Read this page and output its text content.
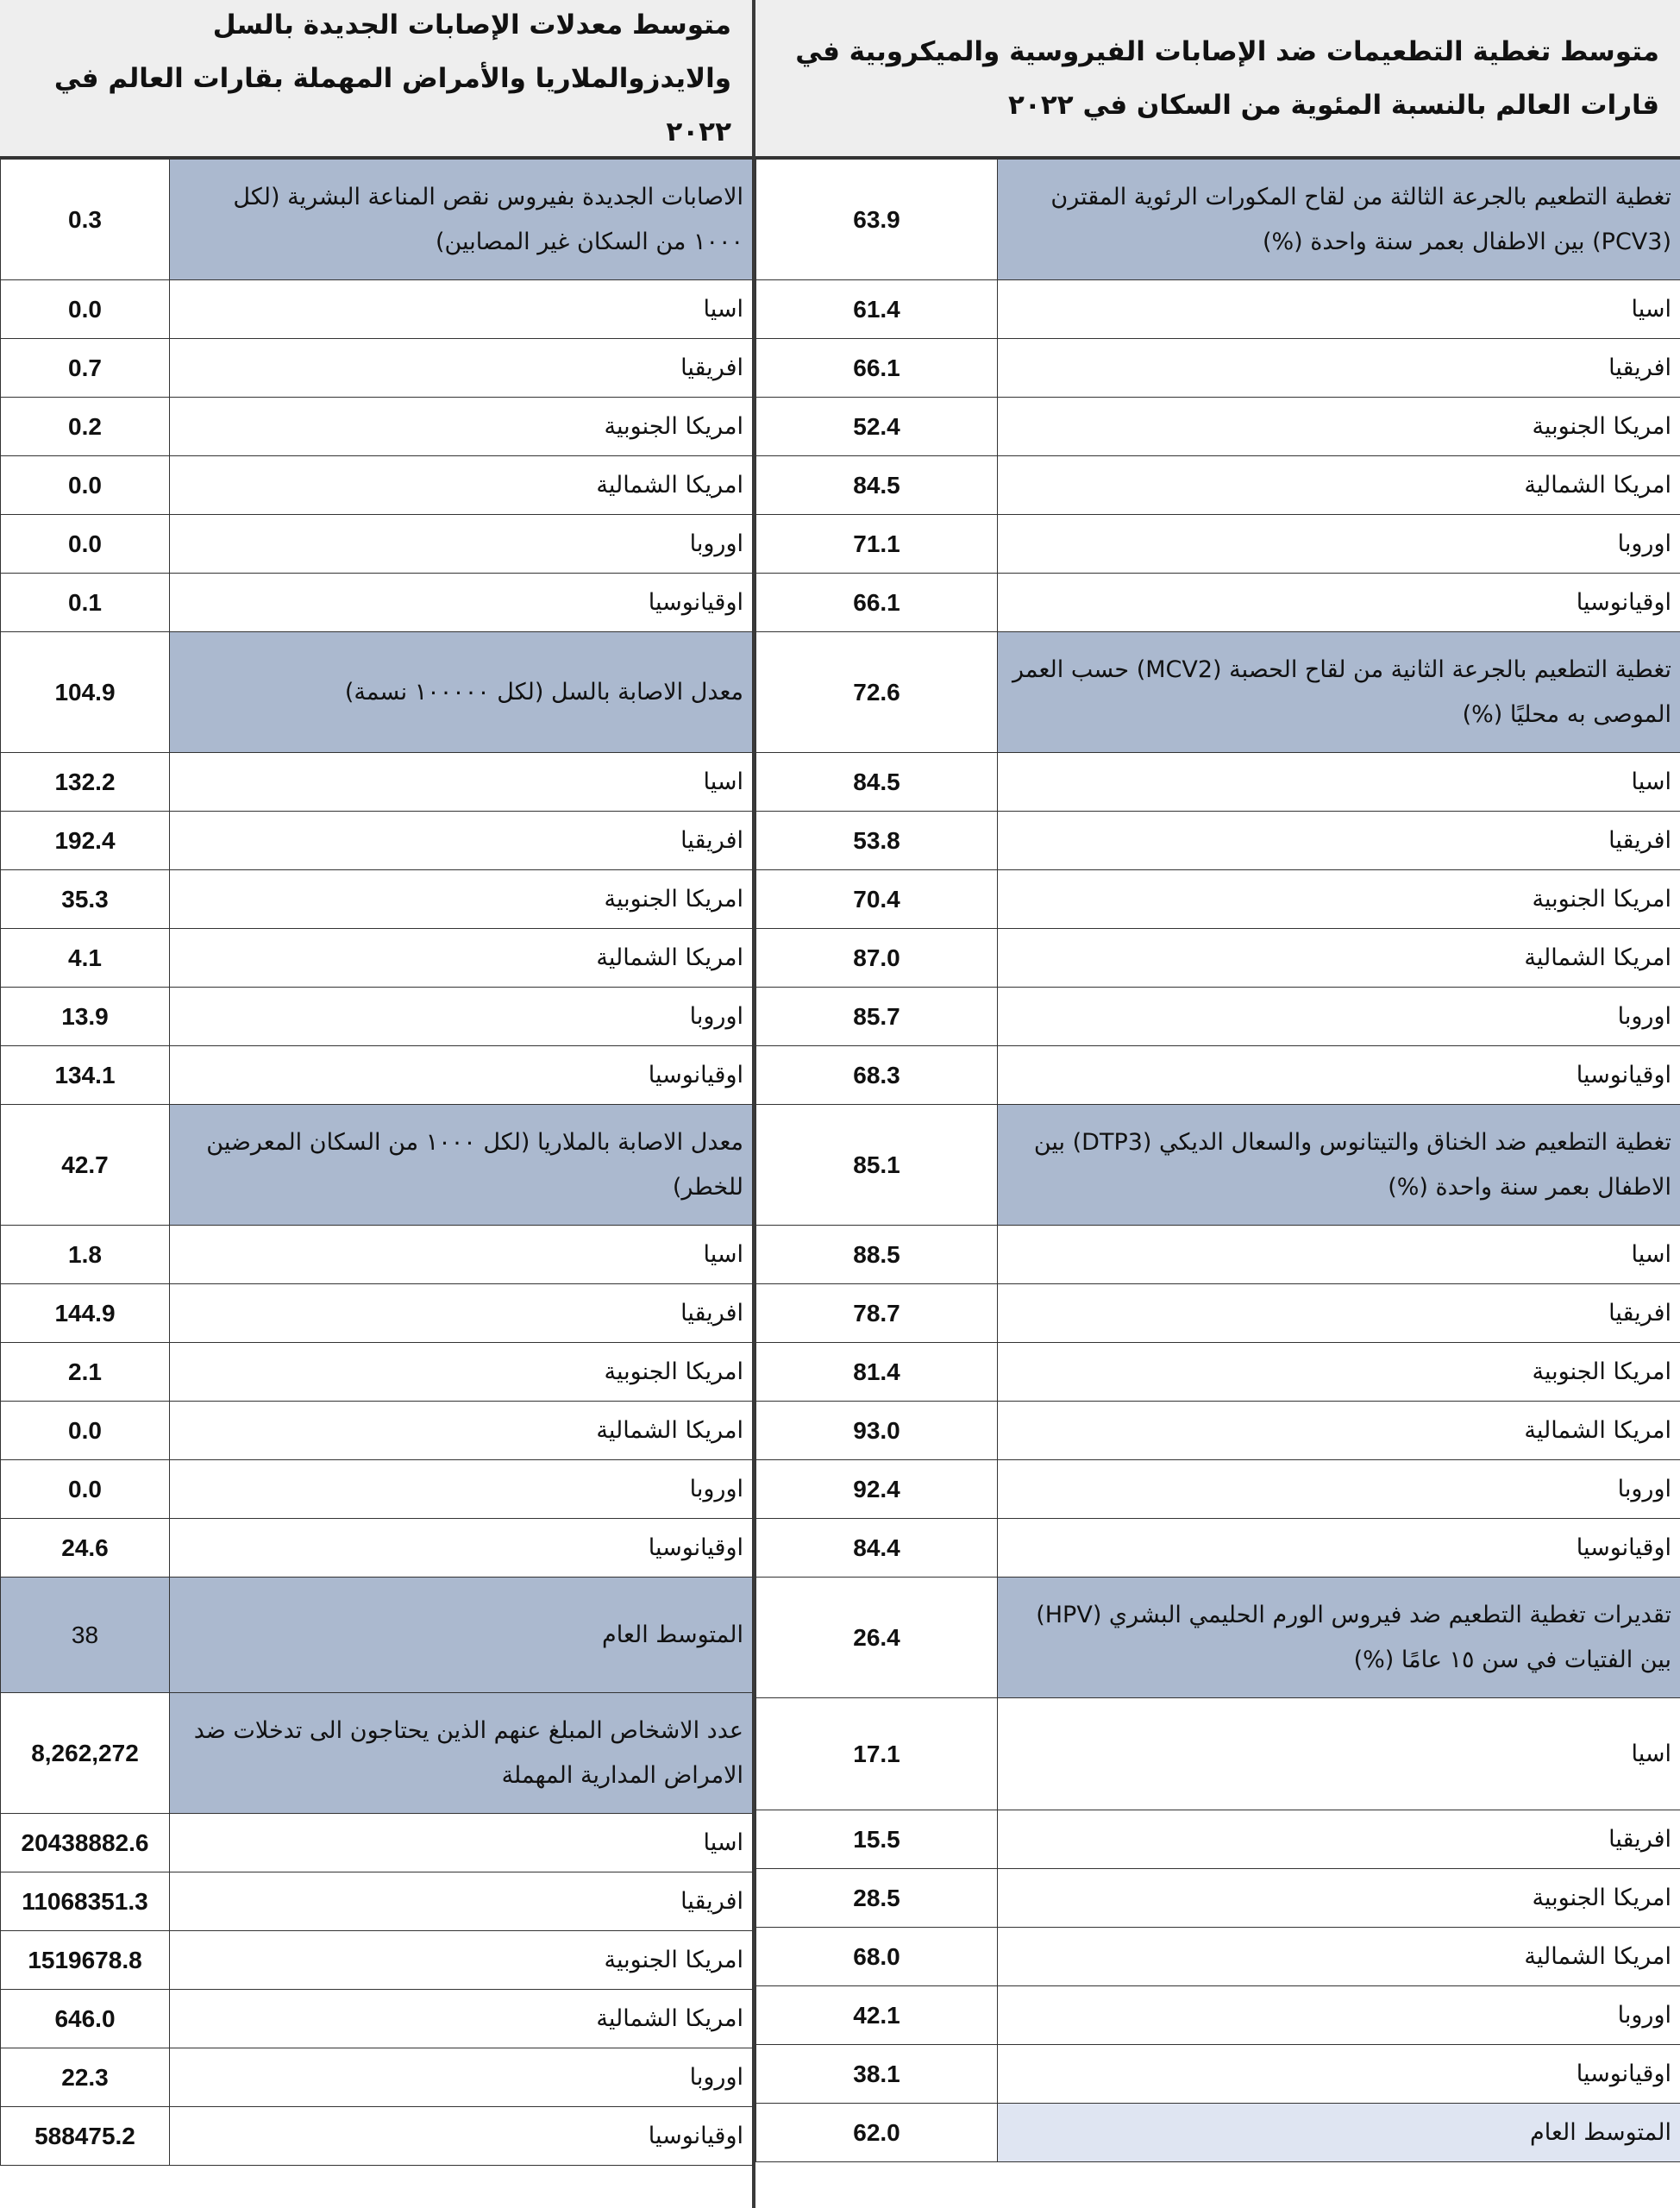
متوسط تغطية التطعيمات ضد الإصابات الفيروسية والميكروبية في قارات العالم بالنسبة المئوية من السكان في ٢٠٢٢
63.9	تغطية التطعيم بالجرعة الثالثة من لقاح المكورات الرئوية المقترن (PCV3) بين الاطفال بعمر سنة واحدة (%)
61.4	اسيا
66.1	افريقيا
52.4	امريكا الجنوبية
84.5	امريكا الشمالية
71.1	اوروبا
66.1	اوقيانوسيا
72.6	تغطية التطعيم بالجرعة الثانية من لقاح الحصبة (MCV2) حسب العمر الموصى به محليًا (%)
84.5	اسيا
53.8	افريقيا
70.4	امريكا الجنوبية
87.0	امريكا الشمالية
85.7	اوروبا
68.3	اوقيانوسيا
85.1	تغطية التطعيم ضد الخناق والتيتانوس والسعال الديكي (DTP3) بين الاطفال بعمر سنة واحدة (%)
88.5	اسيا
78.7	افريقيا
81.4	امريكا الجنوبية
93.0	امريكا الشمالية
92.4	اوروبا
84.4	اوقيانوسيا
26.4	تقديرات تغطية التطعيم ضد فيروس الورم الحليمي البشري (HPV) بين الفتيات في سن ١٥ عامًا (%)
17.1	اسيا
15.5	افريقيا
28.5	امريكا الجنوبية
68.0	امريكا الشمالية
42.1	اوروبا
38.1	اوقيانوسيا
62.0	المتوسط العام
متوسط معدلات الإصابات الجديدة بالسل والايدزوالملاريا والأمراض المهملة بقارات العالم في ٢٠٢٢
0.3	الاصابات الجديدة بفيروس نقص المناعة البشرية (لكل ١٠٠٠ من السكان غير المصابين)
0.0	اسيا
0.7	افريقيا
0.2	امريكا الجنوبية
0.0	امريكا الشمالية
0.0	اوروبا
0.1	اوقيانوسيا
104.9	معدل الاصابة بالسل (لكل ١٠٠٠٠٠ نسمة)
132.2	اسيا
192.4	افريقيا
35.3	امريكا الجنوبية
4.1	امريكا الشمالية
13.9	اوروبا
134.1	اوقيانوسيا
42.7	معدل الاصابة بالملاريا (لكل ١٠٠٠ من السكان المعرضين للخطر)
1.8	اسيا
144.9	افريقيا
2.1	امريكا الجنوبية
0.0	امريكا الشمالية
0.0	اوروبا
24.6	اوقيانوسيا
38	المتوسط العام
8,262,272	عدد الاشخاص المبلغ عنهم الذين يحتاجون الى تدخلات ضد الامراض المدارية المهملة
20438882.6	اسيا
11068351.3	افريقيا
1519678.8	امريكا الجنوبية
646.0	امريكا الشمالية
22.3	اوروبا
588475.2	اوقيانوسيا
